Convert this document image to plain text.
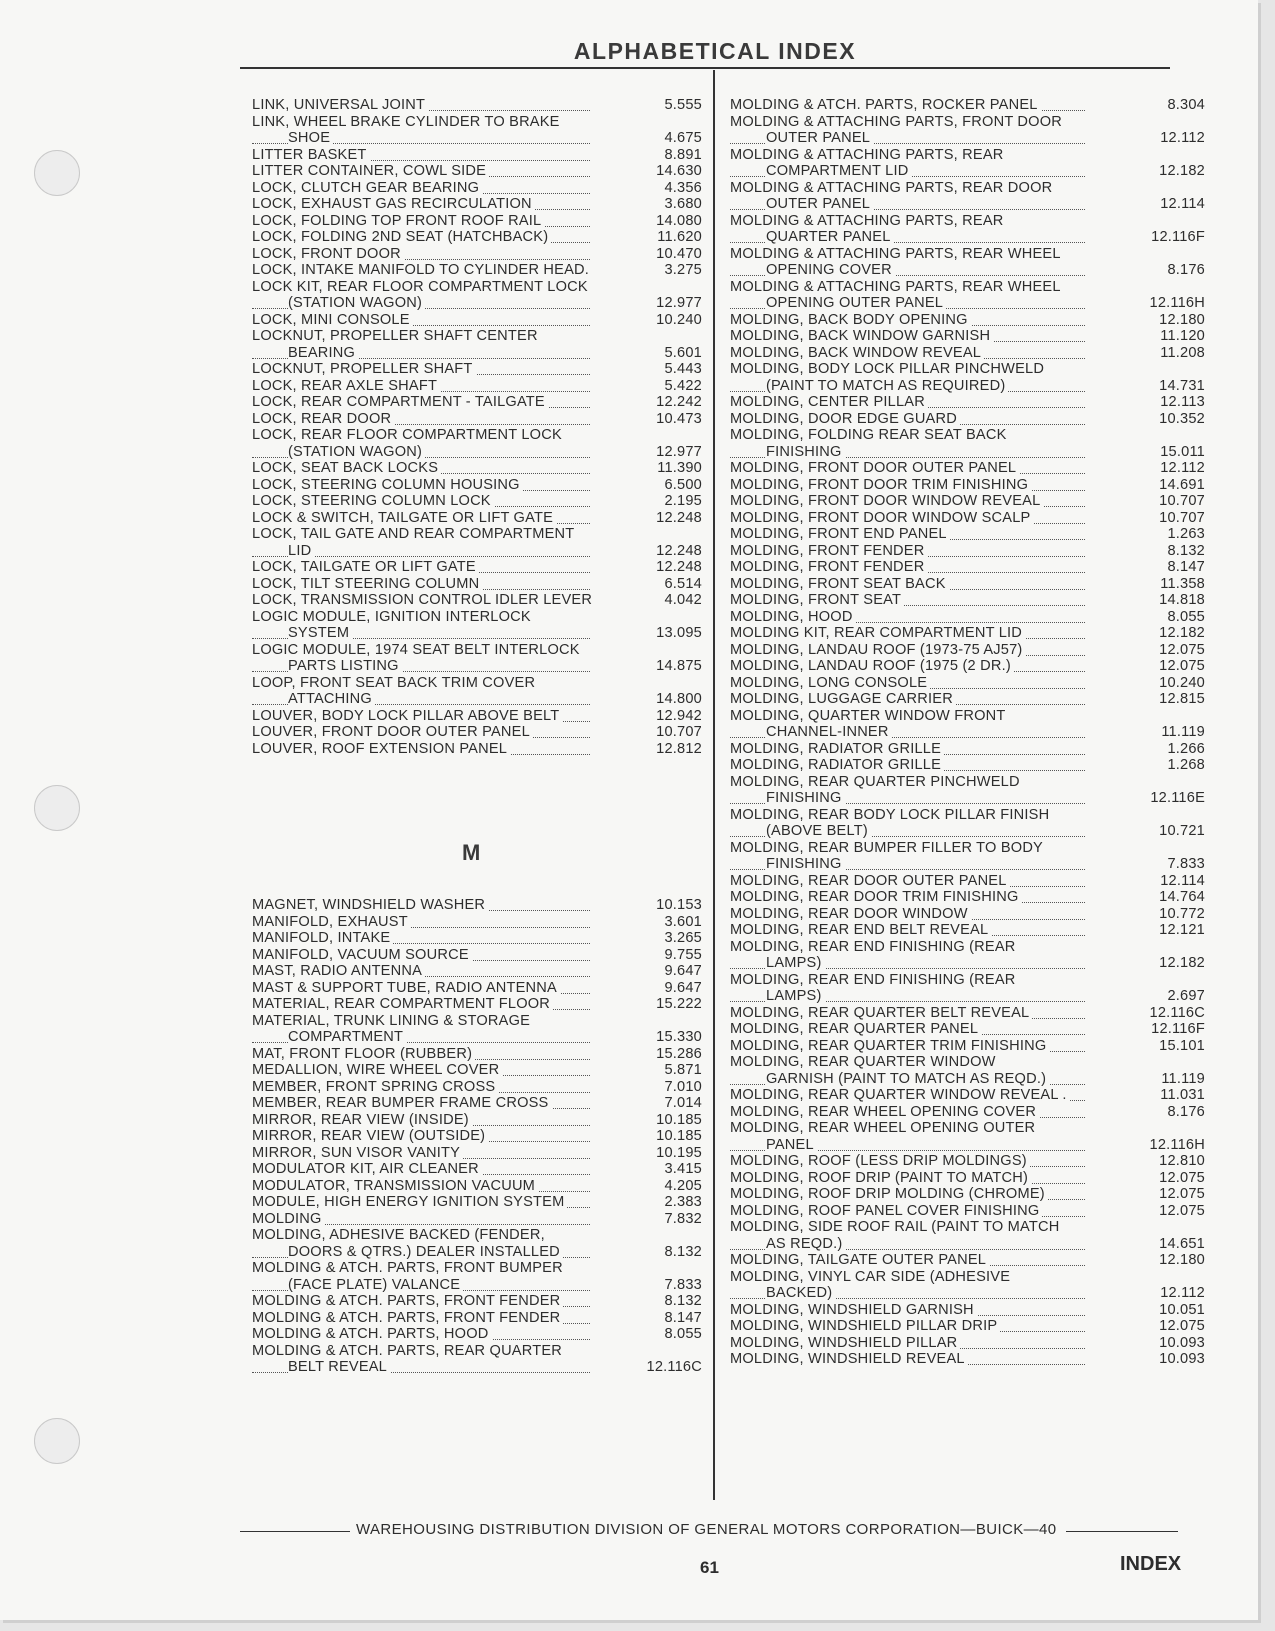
ALPHABETICAL INDEX
LINK, UNIVERSAL JOINT	5.555
LINK, WHEEL BRAKE CYLINDER TO BRAKE
SHOE	4.675
LITTER BASKET	8.891
LITTER CONTAINER, COWL SIDE	14.630
LOCK, CLUTCH GEAR BEARING	4.356
LOCK, EXHAUST GAS RECIRCULATION	3.680
LOCK, FOLDING TOP FRONT ROOF RAIL	14.080
LOCK, FOLDING 2ND SEAT (HATCHBACK)	11.620
LOCK, FRONT DOOR	10.470
LOCK, INTAKE MANIFOLD TO CYLINDER HEAD.	3.275
LOCK KIT, REAR FLOOR COMPARTMENT LOCK
(STATION WAGON)	12.977
LOCK, MINI CONSOLE	10.240
LOCKNUT, PROPELLER SHAFT CENTER
BEARING	5.601
LOCKNUT, PROPELLER SHAFT	5.443
LOCK, REAR AXLE SHAFT	5.422
LOCK, REAR COMPARTMENT - TAILGATE	12.242
LOCK, REAR DOOR	10.473
LOCK, REAR FLOOR COMPARTMENT LOCK
(STATION WAGON)	12.977
LOCK, SEAT BACK LOCKS	11.390
LOCK, STEERING COLUMN HOUSING	6.500
LOCK, STEERING COLUMN LOCK	2.195
LOCK & SWITCH, TAILGATE OR LIFT GATE	12.248
LOCK, TAIL GATE AND REAR COMPARTMENT
LID	12.248
LOCK, TAILGATE OR LIFT GATE	12.248
LOCK, TILT STEERING COLUMN	6.514
LOCK, TRANSMISSION CONTROL IDLER LEVER	4.042
LOGIC MODULE, IGNITION INTERLOCK
SYSTEM	13.095
LOGIC MODULE, 1974 SEAT BELT INTERLOCK
PARTS LISTING	14.875
LOOP, FRONT SEAT BACK TRIM COVER
ATTACHING	14.800
LOUVER, BODY LOCK PILLAR ABOVE BELT	12.942
LOUVER, FRONT DOOR OUTER PANEL	10.707
LOUVER, ROOF EXTENSION PANEL	12.812
M
MAGNET, WINDSHIELD WASHER	10.153
MANIFOLD, EXHAUST	3.601
MANIFOLD, INTAKE	3.265
MANIFOLD, VACUUM SOURCE	9.755
MAST, RADIO ANTENNA	9.647
MAST & SUPPORT TUBE, RADIO ANTENNA	9.647
MATERIAL, REAR COMPARTMENT FLOOR	15.222
MATERIAL, TRUNK LINING & STORAGE
COMPARTMENT	15.330
MAT, FRONT FLOOR (RUBBER)	15.286
MEDALLION, WIRE WHEEL COVER	5.871
MEMBER, FRONT SPRING CROSS	7.010
MEMBER, REAR BUMPER FRAME CROSS	7.014
MIRROR, REAR VIEW (INSIDE)	10.185
MIRROR, REAR VIEW (OUTSIDE)	10.185
MIRROR, SUN VISOR VANITY	10.195
MODULATOR KIT, AIR CLEANER	3.415
MODULATOR, TRANSMISSION VACUUM	4.205
MODULE, HIGH ENERGY IGNITION SYSTEM	2.383
MOLDING	7.832
MOLDING, ADHESIVE BACKED (FENDER,
DOORS & QTRS.) DEALER INSTALLED	8.132
MOLDING & ATCH. PARTS, FRONT BUMPER
(FACE PLATE) VALANCE	7.833
MOLDING & ATCH. PARTS, FRONT FENDER	8.132
MOLDING & ATCH. PARTS, FRONT FENDER	8.147
MOLDING & ATCH. PARTS, HOOD	8.055
MOLDING & ATCH. PARTS, REAR QUARTER
BELT REVEAL	12.116C
MOLDING & ATCH. PARTS, ROCKER PANEL	8.304
MOLDING & ATTACHING PARTS, FRONT DOOR
OUTER PANEL	12.112
MOLDING & ATTACHING PARTS, REAR
COMPARTMENT LID	12.182
MOLDING & ATTACHING PARTS, REAR DOOR
OUTER PANEL	12.114
MOLDING & ATTACHING PARTS, REAR
QUARTER PANEL	12.116F
MOLDING & ATTACHING PARTS, REAR WHEEL
OPENING COVER	8.176
MOLDING & ATTACHING PARTS, REAR WHEEL
OPENING OUTER PANEL	12.116H
MOLDING, BACK BODY OPENING	12.180
MOLDING, BACK WINDOW GARNISH	11.120
MOLDING, BACK WINDOW REVEAL	11.208
MOLDING, BODY LOCK PILLAR PINCHWELD
(PAINT TO MATCH AS REQUIRED)	14.731
MOLDING, CENTER PILLAR	12.113
MOLDING, DOOR EDGE GUARD	10.352
MOLDING, FOLDING REAR SEAT BACK
FINISHING	15.011
MOLDING, FRONT DOOR OUTER PANEL	12.112
MOLDING, FRONT DOOR TRIM FINISHING	14.691
MOLDING, FRONT DOOR WINDOW REVEAL	10.707
MOLDING, FRONT DOOR WINDOW SCALP	10.707
MOLDING, FRONT END PANEL	1.263
MOLDING, FRONT FENDER	8.132
MOLDING, FRONT FENDER	8.147
MOLDING, FRONT SEAT BACK	11.358
MOLDING, FRONT SEAT	14.818
MOLDING, HOOD	8.055
MOLDING KIT, REAR COMPARTMENT LID	12.182
MOLDING, LANDAU ROOF (1973-75 AJ57)	12.075
MOLDING, LANDAU ROOF (1975 (2 DR.)	12.075
MOLDING, LONG CONSOLE	10.240
MOLDING, LUGGAGE CARRIER	12.815
MOLDING, QUARTER WINDOW FRONT
CHANNEL-INNER	11.119
MOLDING, RADIATOR GRILLE	1.266
MOLDING, RADIATOR GRILLE	1.268
MOLDING, REAR QUARTER PINCHWELD
FINISHING	12.116E
MOLDING, REAR BODY LOCK PILLAR FINISH
(ABOVE BELT)	10.721
MOLDING, REAR BUMPER FILLER TO BODY
FINISHING	7.833
MOLDING, REAR DOOR OUTER PANEL	12.114
MOLDING, REAR DOOR TRIM FINISHING	14.764
MOLDING, REAR DOOR WINDOW	10.772
MOLDING, REAR END BELT REVEAL	12.121
MOLDING, REAR END FINISHING (REAR
LAMPS)	12.182
MOLDING, REAR END FINISHING (REAR
LAMPS)	2.697
MOLDING, REAR QUARTER BELT REVEAL	12.116C
MOLDING, REAR QUARTER PANEL	12.116F
MOLDING, REAR QUARTER TRIM FINISHING	15.101
MOLDING, REAR QUARTER WINDOW
GARNISH (PAINT TO MATCH AS REQD.)	11.119
MOLDING, REAR QUARTER WINDOW REVEAL .	11.031
MOLDING, REAR WHEEL OPENING COVER	8.176
MOLDING, REAR WHEEL OPENING OUTER
PANEL	12.116H
MOLDING, ROOF (LESS DRIP MOLDINGS)	12.810
MOLDING, ROOF DRIP (PAINT TO MATCH)	12.075
MOLDING, ROOF DRIP MOLDING (CHROME)	12.075
MOLDING, ROOF PANEL COVER FINISHING	12.075
MOLDING, SIDE ROOF RAIL (PAINT TO MATCH
AS REQD.)	14.651
MOLDING, TAILGATE OUTER PANEL	12.180
MOLDING, VINYL CAR SIDE (ADHESIVE
BACKED)	12.112
MOLDING, WINDSHIELD GARNISH	10.051
MOLDING, WINDSHIELD PILLAR DRIP	12.075
MOLDING, WINDSHIELD PILLAR	10.093
MOLDING, WINDSHIELD REVEAL	10.093
WAREHOUSING DISTRIBUTION DIVISION OF GENERAL MOTORS CORPORATION—BUICK—40
61	INDEX
